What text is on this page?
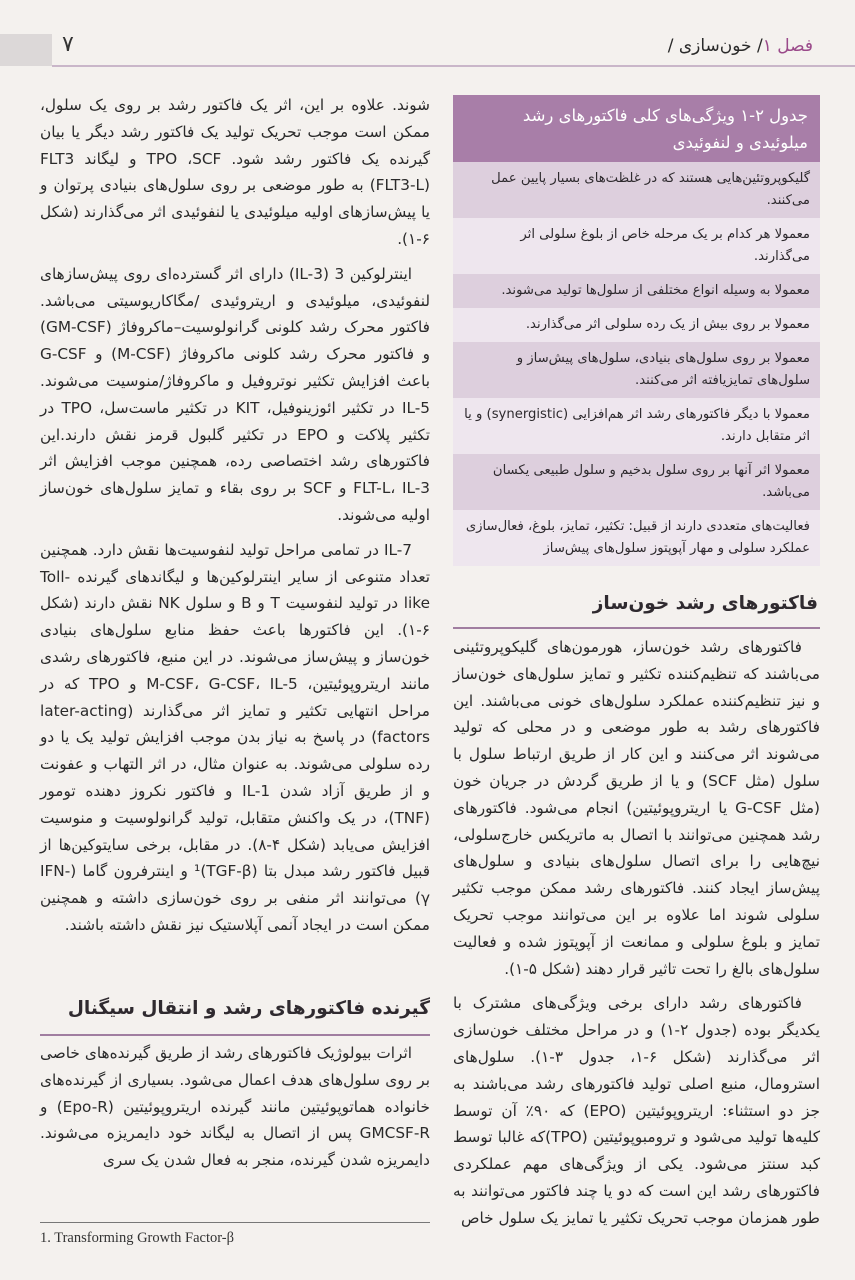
۷	فصل ۱/ خون‌سازی /

شوند. علاوه بر این، اثر یک فاکتور رشد بر روی یک سلول، ممکن است موجب تحریک تولید یک فاکتور رشد دیگر یا بیان گیرنده یک فاکتور رشد شود. TPO ،SCF و لیگاند FLT3 (FLT3-L) به طور موضعی بر روی سلول‌های بنیادی پرتوان و یا پیش‌سازهای اولیه میلوئیدی یا لنفوئیدی اثر می‌گذارند (شکل ۶-۱).

اینترلوکین 3 (IL-3) دارای اثر گسترده‌ای روی پیش‌سازهای لنفوئیدی، میلوئیدی و اریتروئیدی /مگاکاریوسیتی می‌باشد. فاکتور محرک رشد کلونی گرانولوسیت–ماکروفاژ (GM-CSF) و فاکتور محرک رشد کلونی ماکروفاژ (M-CSF) و G-CSF باعث افزایش تکثیر نوتروفیل و ماکروفاژ/منوسیت می‌شوند. IL-5 در تکثیر ائوزینوفیل، KIT در تکثیر ماست‌سل، TPO در تکثیر پلاکت و EPO در تکثیر گلبول قرمز نقش دارند.این فاکتورهای رشد اختصاصی رده، همچنین موجب افزایش اثر FLT-L، IL-3 و SCF بر روی بقاء و تمایز سلول‌های خون‌ساز اولیه می‌شوند.

IL-7 در تمامی مراحل تولید لنفوسیت‌ها نقش دارد. همچنین تعداد متنوعی از سایر اینترلوکین‌ها و لیگاندهای گیرنده Toll-like در تولید لنفوسیت T و B و سلول NK نقش دارند (شکل ۶-۱). این فاکتورها باعث حفظ منابع سلول‌های بنیادی خون‌ساز و پیش‌ساز می‌شوند. در این منبع، فاکتورهای رشدی مانند اریتروپوئیتین، M-CSF، G-CSF، IL-5 و TPO که در مراحل انتهایی تکثیر و تمایز اثر می‌گذارند (later-acting factors) در پاسخ به نیاز بدن موجب افزایش تولید یک یا دو رده سلولی می‌شوند. به عنوان مثال، در اثر التهاب و عفونت و از طریق آزاد شدن IL-1 و فاکتور نکروز دهنده تومور (TNF)، در یک واکنش متقابل، تولید گرانولوسیت و منوسیت افزایش می‌یابد (شکل ۴-۸). در مقابل، برخی سایتوکین‌ها از قبیل فاکتور رشد مبدل بتا (TGF-β)¹ و اینترفرون گاما (IFN-γ) می‌توانند اثر منفی بر روی خون‌سازی داشته و همچنین ممکن است در ایجاد آنمی آپلاستیک نیز نقش داشته باشند.

گیرنده فاکتورهای رشد و انتقال سیگنال

اثرات بیولوژیک فاکتورهای رشد از طریق گیرنده‌های خاصی بر روی سلول‌های هدف اعمال می‌شود. بسیاری از گیرنده‌های خانواده هماتوپوئیتین مانند گیرنده اریتروپوئیتین (Epo-R) و GMCSF-R پس از اتصال به لیگاند خود دایمریزه می‌شوند. دایمریزه شدن گیرنده، منجر به فعال شدن یک سری

1. Transforming Growth Factor-β
جدول ۲-۱ ویژگی‌های کلی فاکتورهای رشد میلوئیدی و لنفوئیدی
گلیکوپروتئین‌هایی هستند که در غلظت‌های بسیار پایین عمل می‌کنند.
معمولا هر کدام بر یک مرحله خاص از بلوغ سلولی اثر می‌گذارند.
معمولا به وسیله انواع مختلفی از سلول‌ها تولید می‌شوند.
معمولا بر روی بیش از یک رده سلولی اثر می‌گذارند.
معمولا بر روی سلول‌های بنیادی، سلول‌های پیش‌ساز و سلول‌های تمایزیافته اثر می‌کنند.
معمولا با دیگر فاکتورهای رشد اثر هم‌افزایی (synergistic) و یا اثر متقابل دارند.
معمولا اثر آنها بر روی سلول بدخیم و سلول طبیعی یکسان می‌باشد.
فعالیت‌های متعددی دارند از قبیل: تکثیر، تمایز، بلوغ، فعال‌سازی عملکرد سلولی و مهار آپوپتوز سلول‌های پیش‌ساز
فاکتورهای رشد خون‌ساز

فاکتورهای رشد خون‌ساز، هورمون‌های گلیکوپروتئینی می‌باشند که تنظیم‌کننده تکثیر و تمایز سلول‌های خون‌ساز و نیز تنظیم‌کننده عملکرد سلول‌های خونی می‌باشند. این فاکتورهای رشد به طور موضعی و در محلی که تولید می‌شوند اثر می‌کنند و این کار از طریق ارتباط سلول با سلول (مثل SCF) و یا از طریق گردش در جریان خون (مثل G-CSF یا اریتروپوئیتین) انجام می‌شود. فاکتورهای رشد همچنین می‌توانند با اتصال به ماتریکس خارج‌سلولی، نیچ‌هایی را برای اتصال سلول‌های بنیادی و سلول‌های پیش‌ساز ایجاد کنند. فاکتورهای رشد ممکن موجب تکثیر سلولی شوند اما علاوه بر این می‌توانند موجب تحریک تمایز و بلوغ سلولی و ممانعت از آپوپتوز شده و فعالیت سلول‌های بالغ را تحت تاثیر قرار دهند (شکل ۵-۱).

فاکتورهای رشد دارای برخی ویژگی‌های مشترک با یکدیگر بوده (جدول ۲-۱) و در مراحل مختلف خون‌سازی اثر می‌گذارند (شکل ۶-۱، جدول ۳-۱). سلول‌های استرومال، منبع اصلی تولید فاکتورهای رشد می‌باشند به جز دو استثناء: اریتروپوئیتین (EPO) که ۹۰٪ آن توسط کلیه‌ها تولید می‌شود و ترومبوپوئیتین (TPO)که غالبا توسط کبد سنتز می‌شود. یکی از ویژگی‌های مهم عملکردی فاکتورهای رشد این است که دو یا چند فاکتور می‌توانند به طور همزمان موجب تحریک تکثیر یا تمایز یک سلول خاص
